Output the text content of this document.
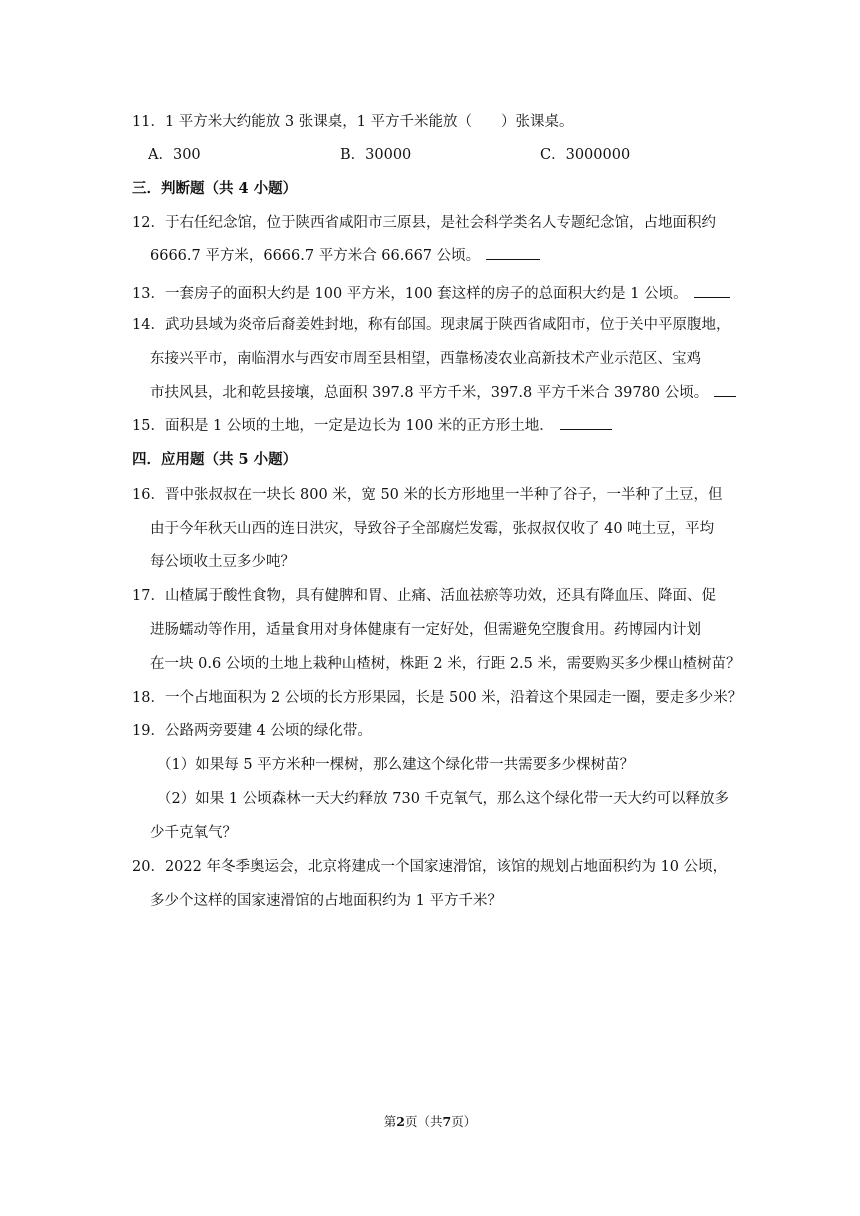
11．1 平方米大约能放 3 张课桌，1 平方千米能放（　　）张课桌。

A．300	B．30000	C．3000000

三．判断题（共 4 小题）

12．于右任纪念馆，位于陕西省咸阳市三原县，是社会科学类名人专题纪念馆，占地面积约

6666.7 平方米，6666.7 平方米合 66.667 公顷。

13．一套房子的面积大约是 100 平方米，100 套这样的房子的总面积大约是 1 公顷。

14．武功县域为炎帝后裔姜姓封地，称有邰国。现隶属于陕西省咸阳市，位于关中平原腹地，

东接兴平市，南临渭水与西安市周至县相望，西靠杨凌农业高新技术产业示范区、宝鸡

市扶风县，北和乾县接壤，总面积 397.8 平方千米，397.8 平方千米合 39780 公顷。

15．面积是 1 公顷的土地，一定是边长为 100 米的正方形土地．

四．应用题（共 5 小题）

16．晋中张叔叔在一块长 800 米，宽 50 米的长方形地里一半种了谷子，一半种了土豆，但

由于今年秋天山西的连日洪灾，导致谷子全部腐烂发霉，张叔叔仅收了 40 吨土豆，平均

每公顷收土豆多少吨？

17．山楂属于酸性食物，具有健脾和胃、止痛、活血祛瘀等功效，还具有降血压、降面、促

进肠蠕动等作用，适量食用对身体健康有一定好处，但需避免空腹食用。药博园内计划

在一块 0.6 公顷的土地上栽种山楂树，株距 2 米，行距 2.5 米，需要购买多少棵山楂树苗？

18．一个占地面积为 2 公顷的长方形果园，长是 500 米，沿着这个果园走一圈，要走多少米？

19．公路两旁要建 4 公顷的绿化带。

（1）如果每 5 平方米种一棵树，那么建这个绿化带一共需要多少棵树苗？

（2）如果 1 公顷森林一天大约释放 730 千克氧气，那么这个绿化带一天大约可以释放多

少千克氧气？

20．2022 年冬季奥运会，北京将建成一个国家速滑馆，该馆的规划占地面积约为 10 公顷，

多少个这样的国家速滑馆的占地面积约为 1 平方千米？

第2页（共7页）
